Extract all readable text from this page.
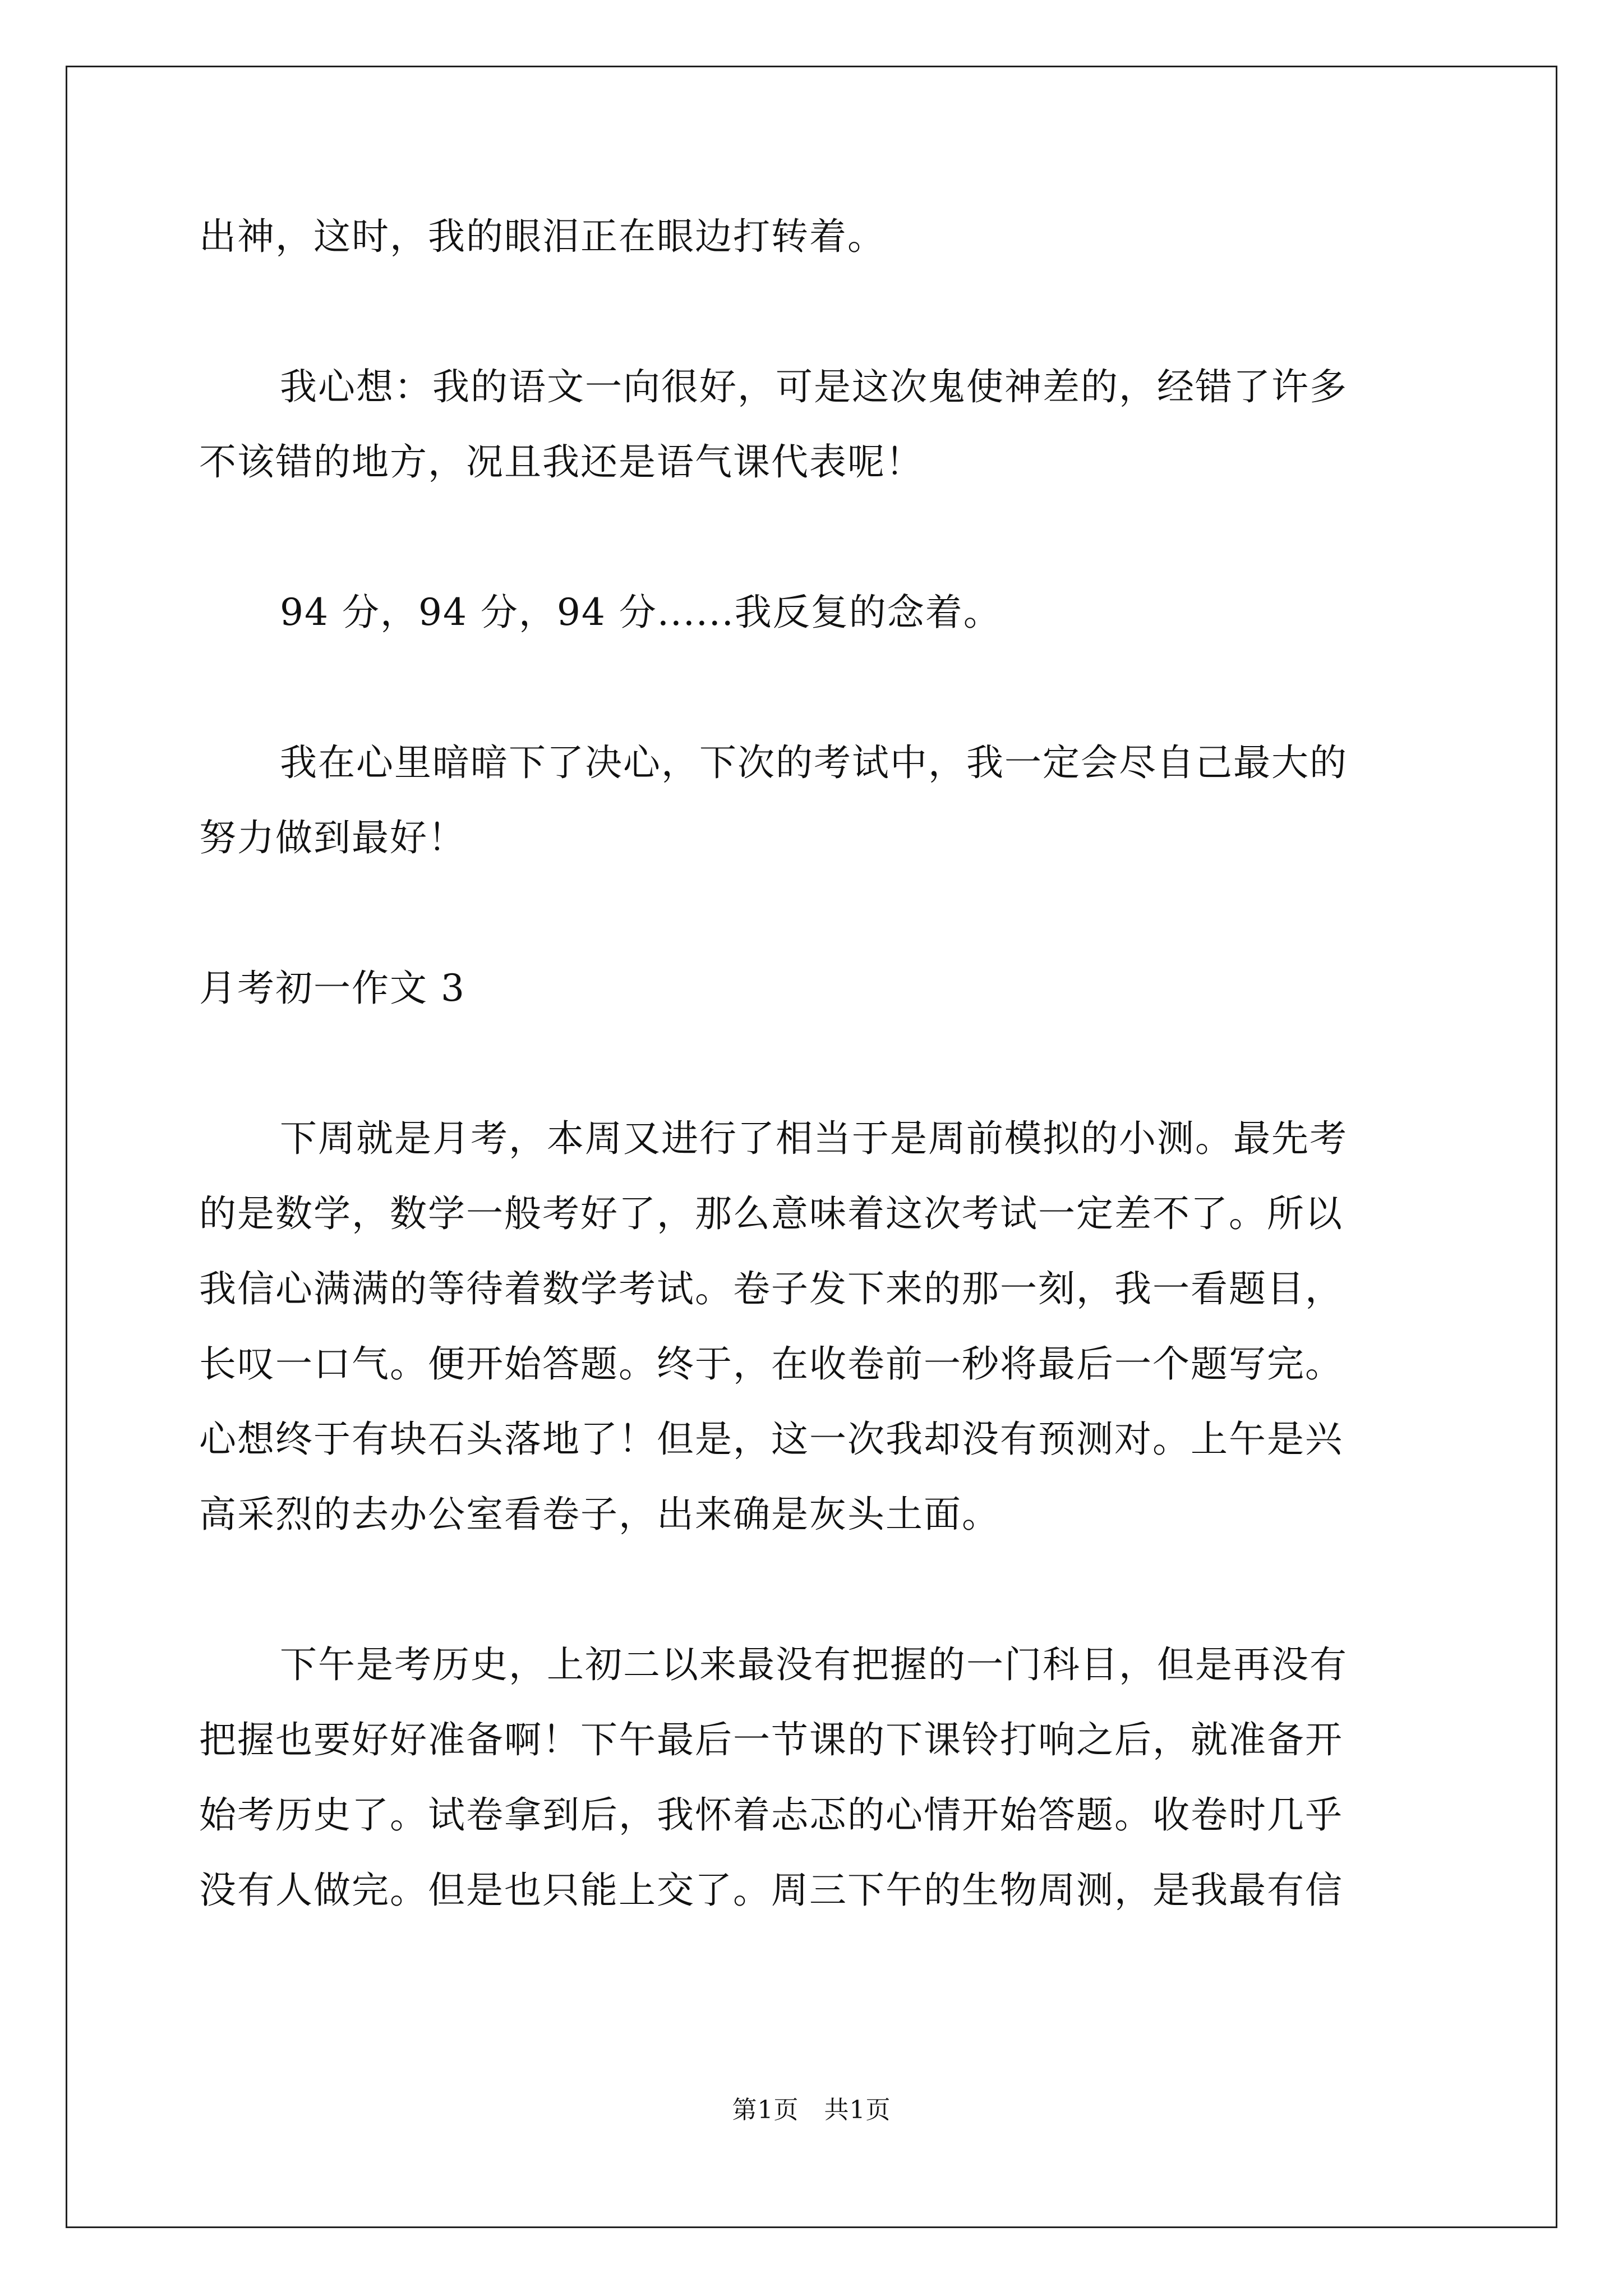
出神，这时，我的眼泪正在眼边打转着。
我心想：我的语文一向很好，可是这次鬼使神差的，经错了许多
不该错的地方，况且我还是语气课代表呢！
94 分，94 分，94 分......我反复的念着。
我在心里暗暗下了决心，下次的考试中，我一定会尽自己最大的
努力做到最好！
月考初一作文 3
下周就是月考，本周又进行了相当于是周前模拟的小测。最先考
的是数学，数学一般考好了，那么意味着这次考试一定差不了。所以
我信心满满的等待着数学考试。卷子发下来的那一刻，我一看题目，
长叹一口气。便开始答题。终于，在收卷前一秒将最后一个题写完。
心想终于有块石头落地了！但是，这一次我却没有预测对。上午是兴
高采烈的去办公室看卷子，出来确是灰头土面。
下午是考历史，上初二以来最没有把握的一门科目，但是再没有
把握也要好好准备啊！下午最后一节课的下课铃打响之后，就准备开
始考历史了。试卷拿到后，我怀着忐忑的心情开始答题。收卷时几乎
没有人做完。但是也只能上交了。周三下午的生物周测，是我最有信
第1页　共1页
